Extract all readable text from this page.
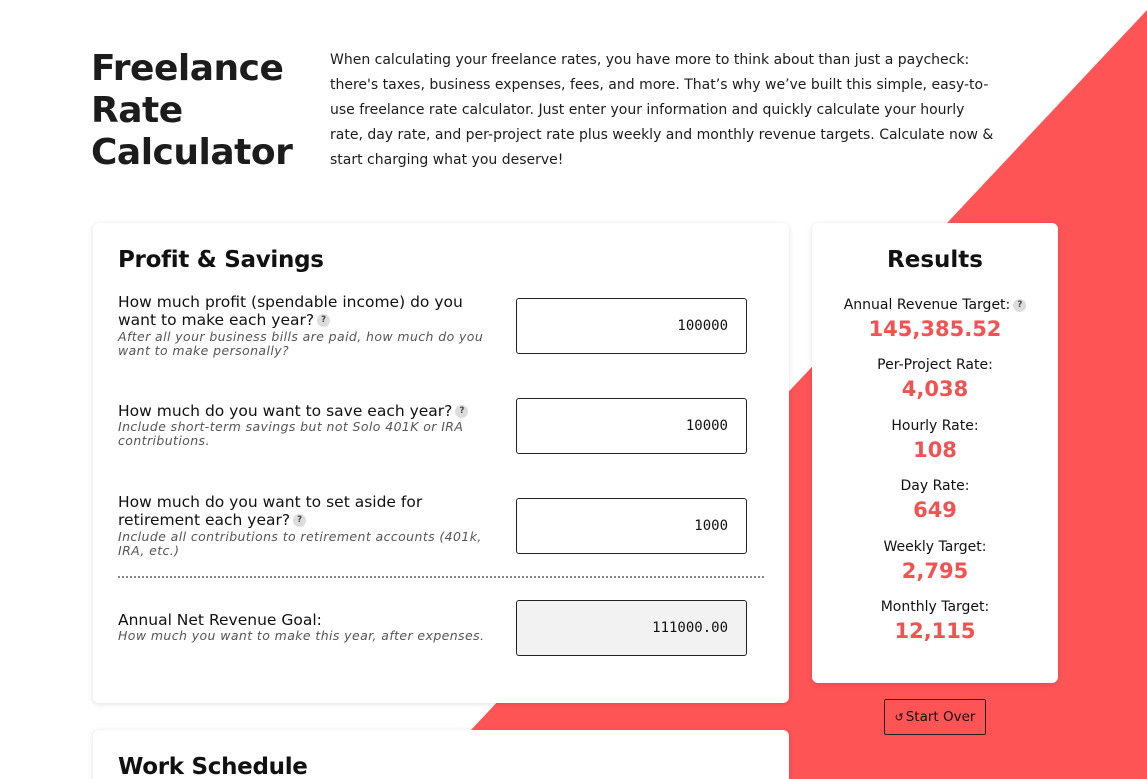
Freelance
Rate
Calculator

When calculating your freelance rates, you have more to think about than just a paycheck: there's taxes, business expenses, fees, and more. That’s why we’ve built this simple, easy-to-use freelance rate calculator. Just enter your information and quickly calculate your hourly rate, day rate, and per-project rate plus weekly and monthly revenue targets. Calculate now & start charging what you deserve!

Profit & Savings
How much profit (spendable income) do you want to make each year? ?
After all your business bills are paid, how much do you want to make personally?
100000
How much do you want to save each year? ?
Include short-term savings but not Solo 401K or IRA contributions.
10000
How much do you want to set aside for retirement each year? ?
Include all contributions to retirement accounts (401k, IRA, etc.)
1000
Annual Net Revenue Goal:
How much you want to make this year, after expenses.
111000.00
Work Schedule
Results
Annual Revenue Target: ?
145,385.52
Per-Project Rate:
4,038
Hourly Rate:
108
Day Rate:
649
Weekly Target:
2,795
Monthly Target:
12,115
↺ Start Over
